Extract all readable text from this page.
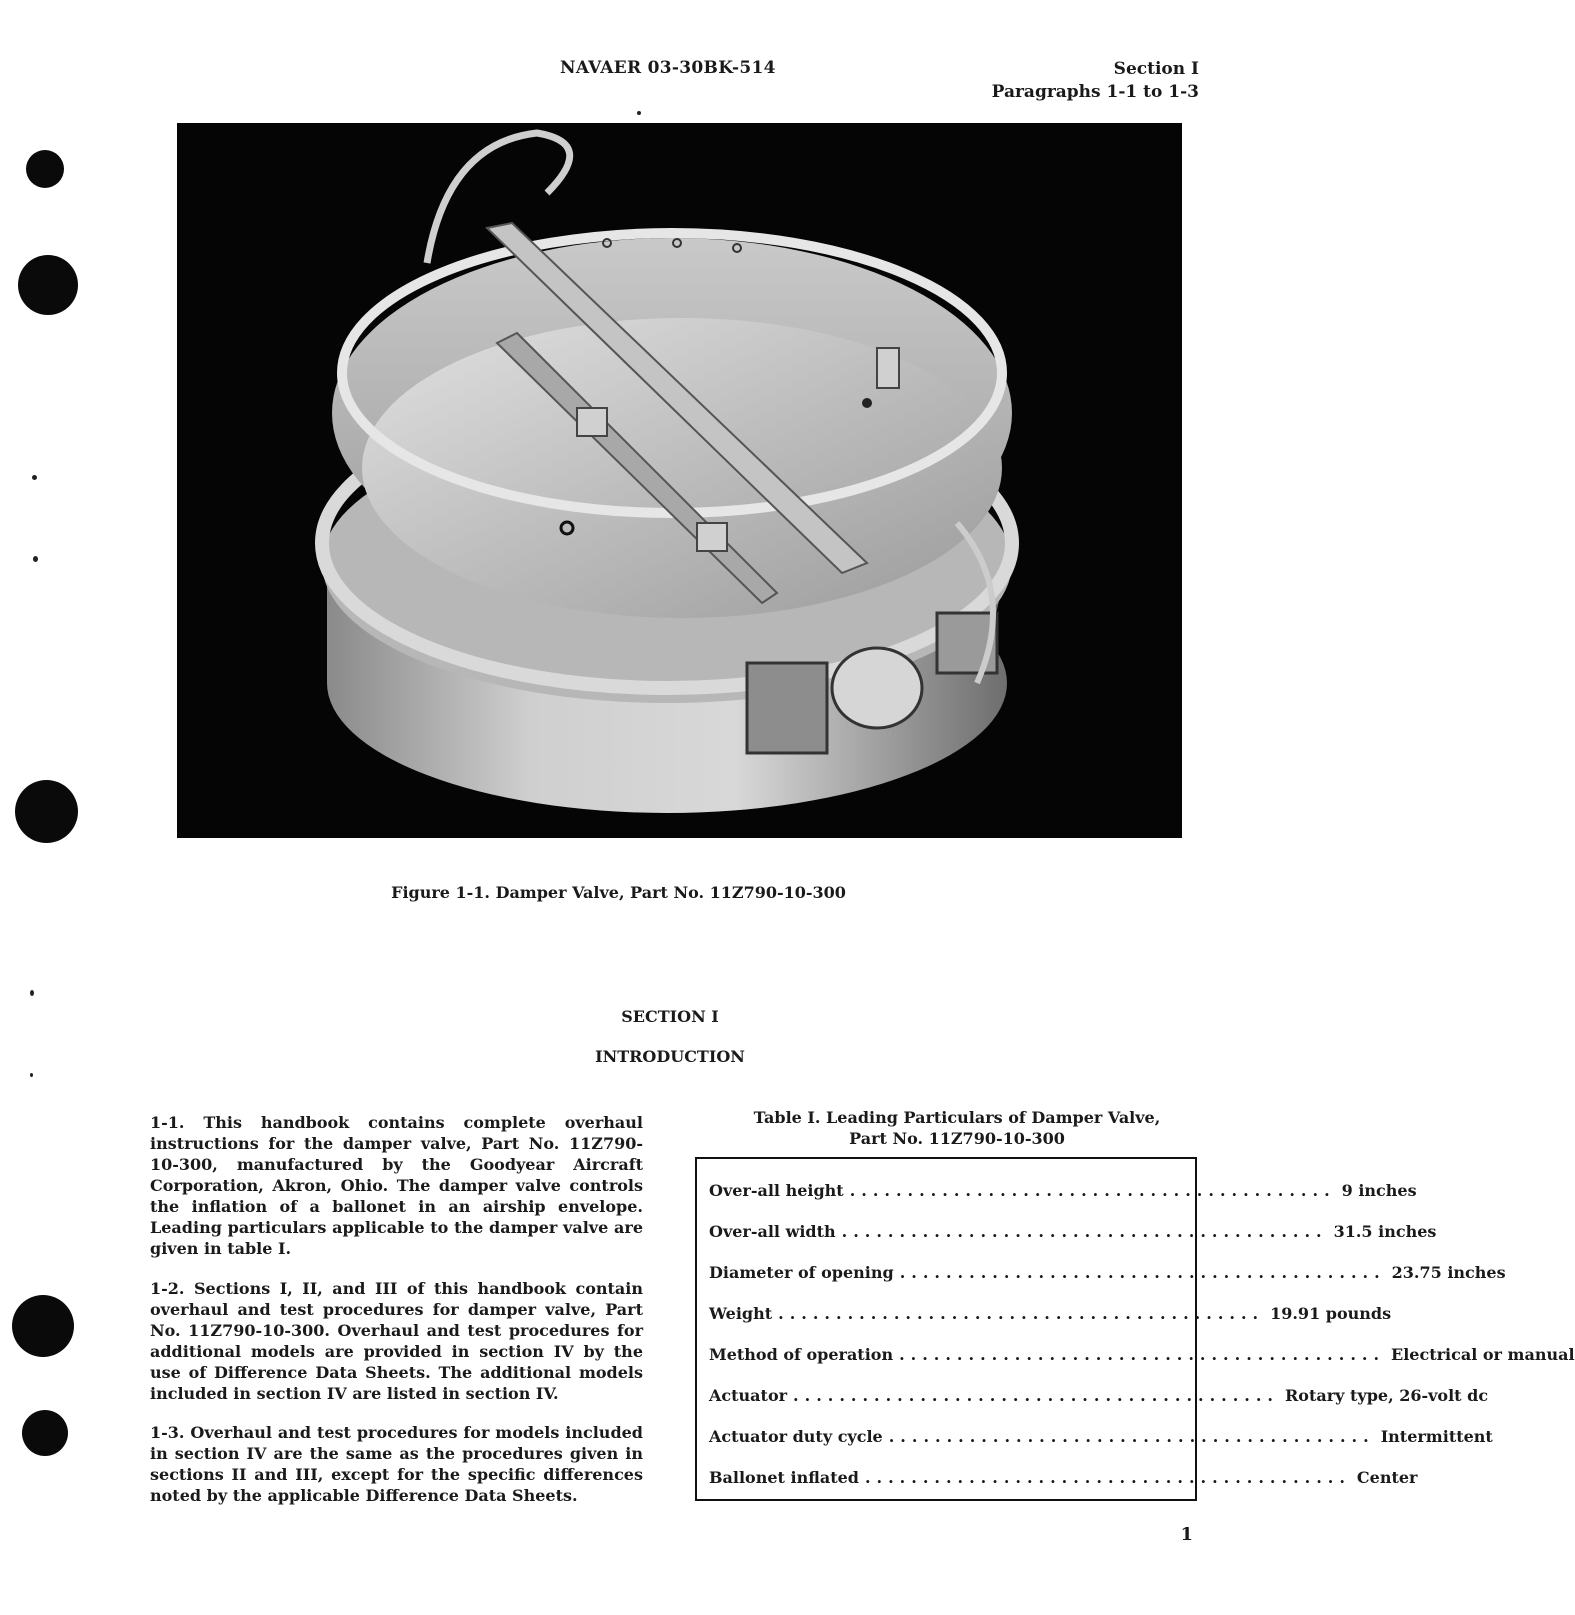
NAVAER 03-30BK-514	Section I
Paragraphs 1-1 to 1-3
Figure 1-1. Damper Valve, Part No. 11Z790-10-300
SECTION I
INTRODUCTION

1-1. This handbook contains complete overhaul instructions for the damper valve, Part No. 11Z790-10-300, manufactured by the Goodyear Aircraft Corporation, Akron, Ohio. The damper valve controls the inflation of a ballonet in an airship envelope. Leading particulars applicable to the damper valve are given in table I.

1-2. Sections I, II, and III of this handbook contain overhaul and test procedures for damper valve, Part No. 11Z790-10-300. Overhaul and test procedures for additional models are provided in section IV by the use of Difference Data Sheets. The additional models included in section IV are listed in section IV.

1-3. Overhaul and test procedures for models included in section IV are the same as the procedures given in sections II and III, except for the specific differences noted by the applicable Difference Data Sheets.

Table I. Leading Particulars of Damper Valve,
Part No. 11Z790-10-300
Over-all height .......................................... 9 inches
Over-all width .......................................... 31.5 inches
Diameter of opening .......................................... 23.75 inches
Weight .......................................... 19.91 pounds
Method of operation .......................................... Electrical or manual
Actuator .......................................... Rotary type, 26-volt dc
Actuator duty cycle .......................................... Intermittent
Ballonet inflated .......................................... Center
1
